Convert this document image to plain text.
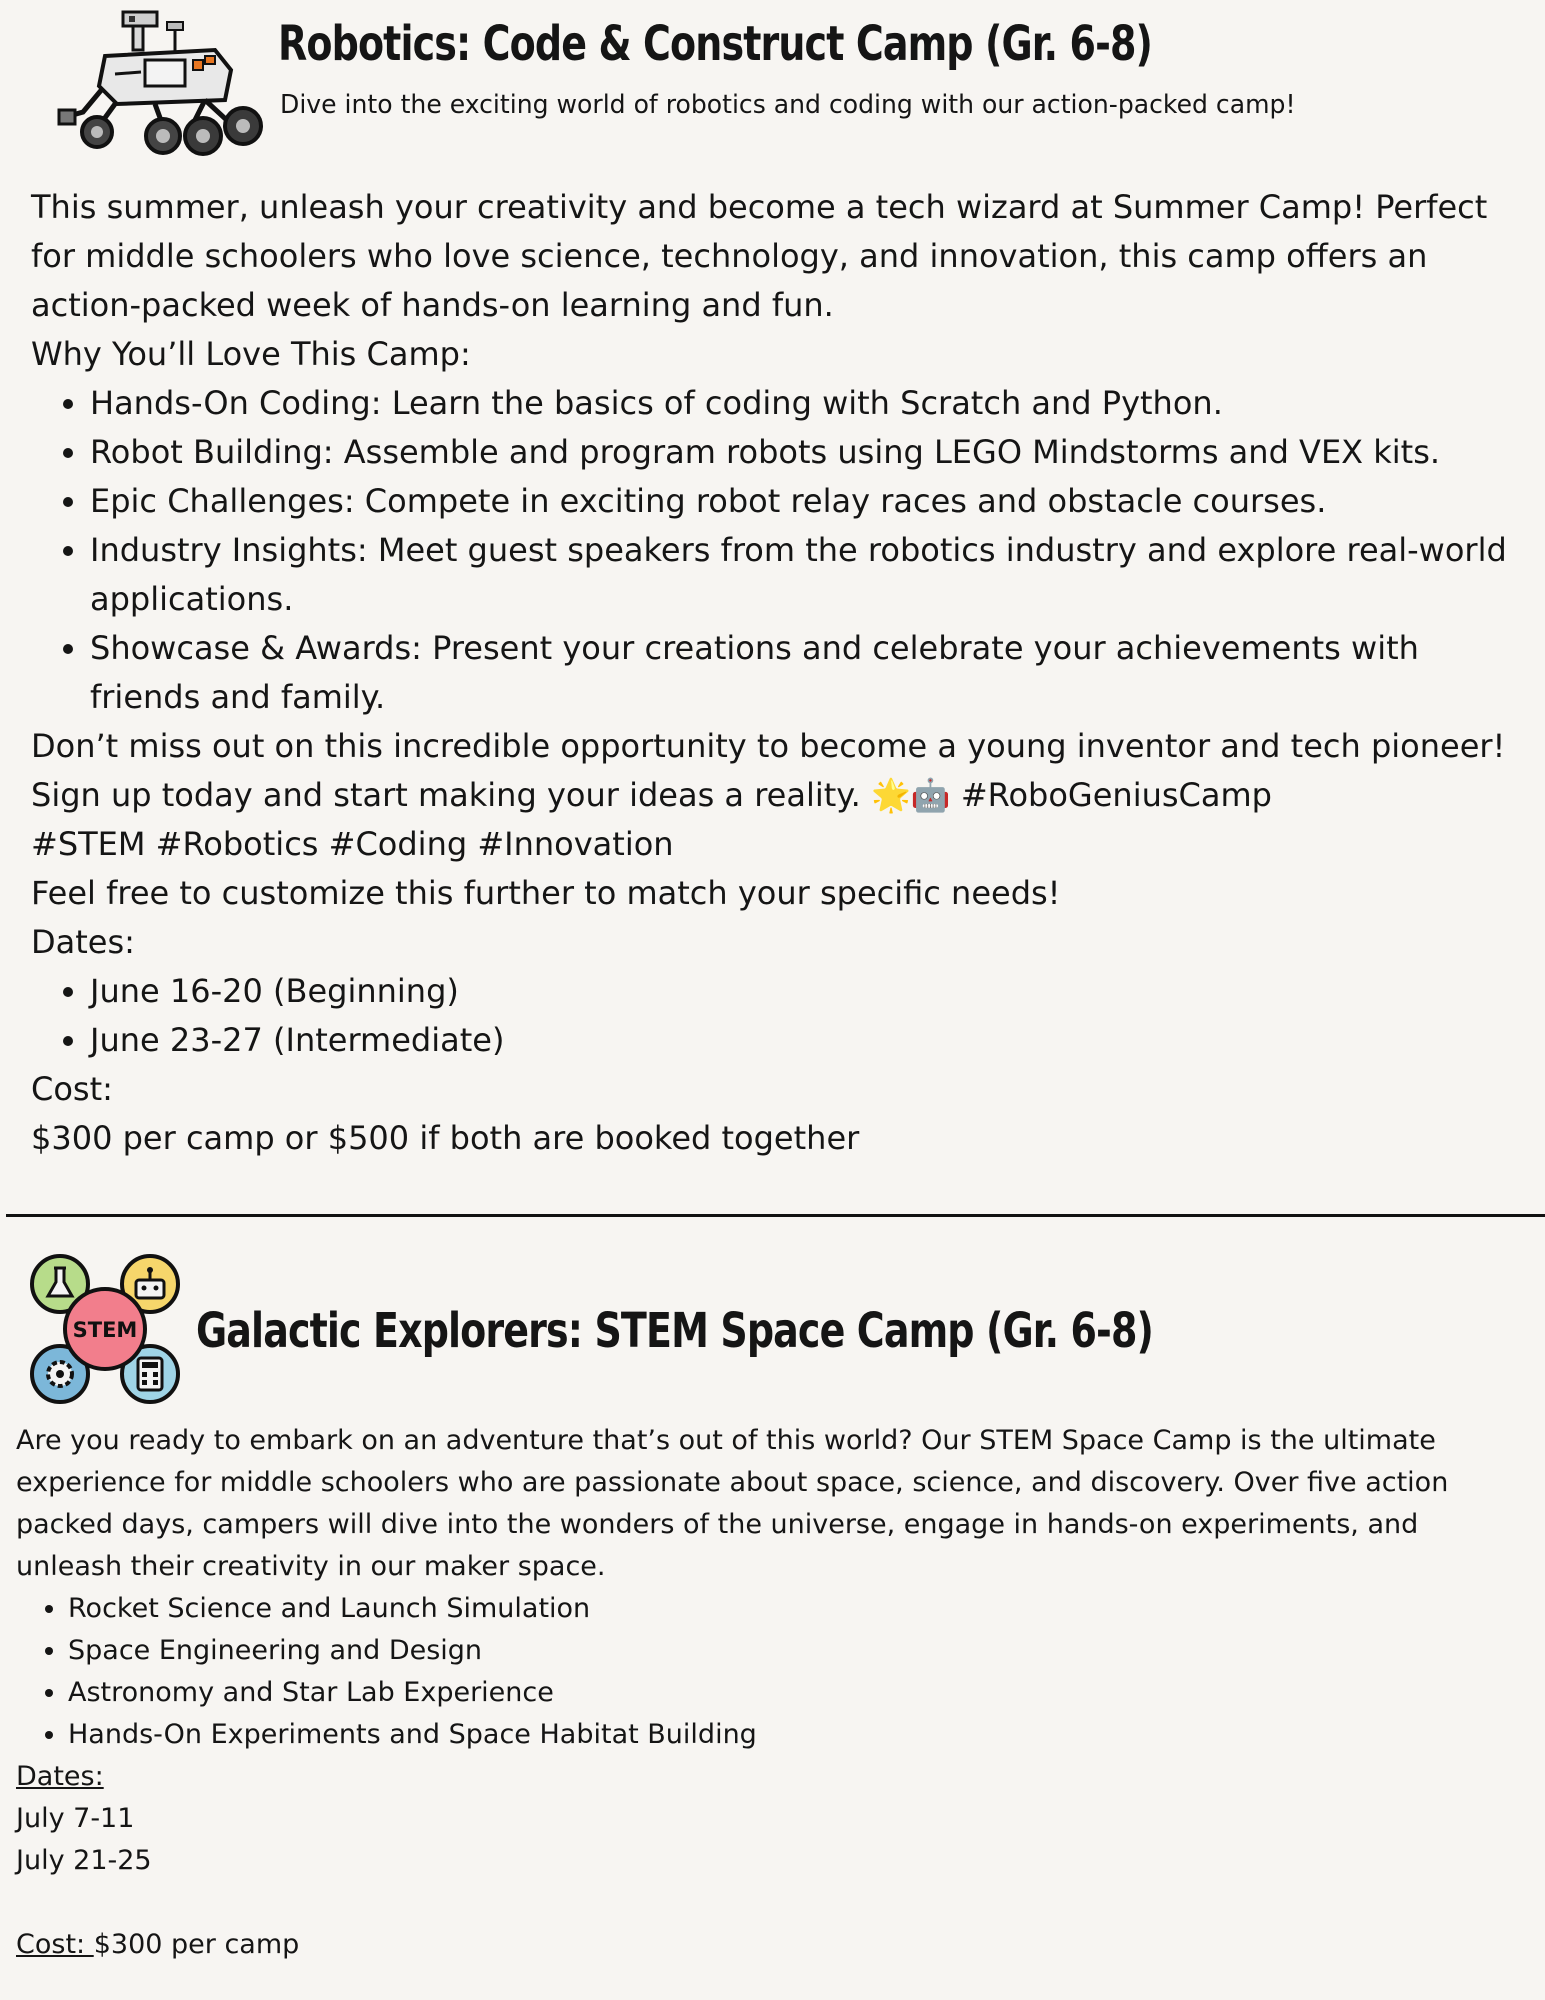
Robotics: Code & Construct Camp (Gr. 6-8)
Dive into the exciting world of robotics and coding with our action-packed camp!

This summer, unleash your creativity and become a tech wizard at Summer Camp! Perfect for middle schoolers who love science, technology, and innovation, this camp offers an action-packed week of hands-on learning and fun.

Why You’ll Love This Camp:

• Hands-On Coding: Learn the basics of coding with Scratch and Python.
• Robot Building: Assemble and program robots using LEGO Mindstorms and VEX kits.
• Epic Challenges: Compete in exciting robot relay races and obstacle courses.
• Industry Insights: Meet guest speakers from the robotics industry and explore real-world applications.
• Showcase & Awards: Present your creations and celebrate your achievements with friends and family.

Don’t miss out on this incredible opportunity to become a young inventor and tech pioneer! Sign up today and start making your ideas a reality. 🌟🤖 #RoboGeniusCamp
#STEM #Robotics #Coding #Innovation

Feel free to customize this further to match your specific needs!

Dates:

• June 16-20 (Beginning)
• June 23-27 (Intermediate)

Cost:

$300 per camp or $500 if both are booked together

STEM Galactic Explorers: STEM Space Camp (Gr. 6-8)

Are you ready to embark on an adventure that’s out of this world? Our STEM Space Camp is the ultimate experience for middle schoolers who are passionate about space, science, and discovery. Over five action packed days, campers will dive into the wonders of the universe, engage in hands-on experiments, and unleash their creativity in our maker space.

• Rocket Science and Launch Simulation
• Space Engineering and Design
• Astronomy and Star Lab Experience
• Hands-On Experiments and Space Habitat Building

Dates:

July 7-11

July 21-25

Cost: $300 per camp
